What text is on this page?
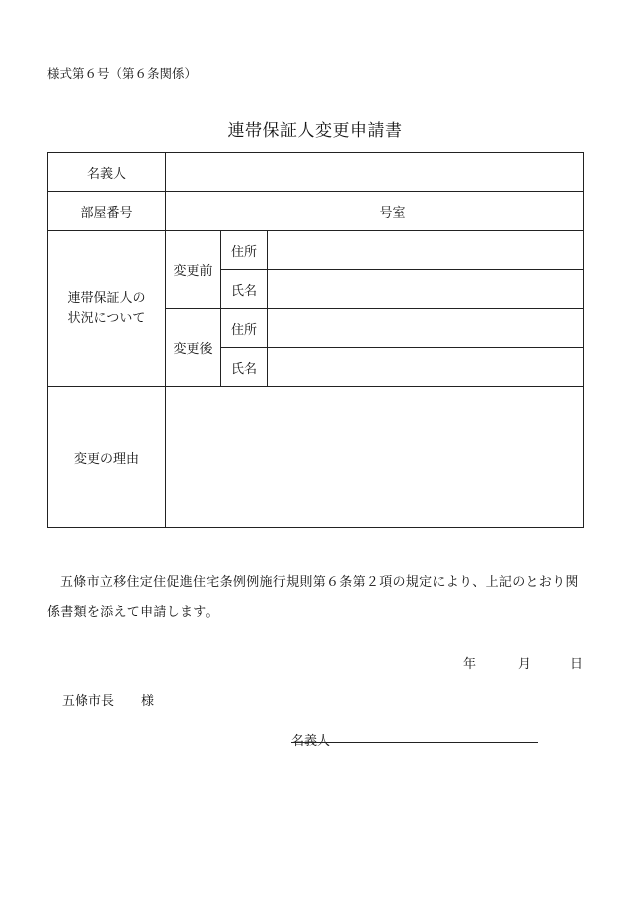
様式第６号（第６条関係）
連帯保証人変更申請書
名義人			
部屋番号	号室		
連帯保証人の
状況について	変更前	住所	
		氏名	
	変更後	住所	
		氏名	
変更の理由			
五條市立移住定住促進住宅条例例施行規則第６条第２項の規定により、上記のとおり関係書類を添えて申請します。
年	月	日
五條市長 様
名義人
